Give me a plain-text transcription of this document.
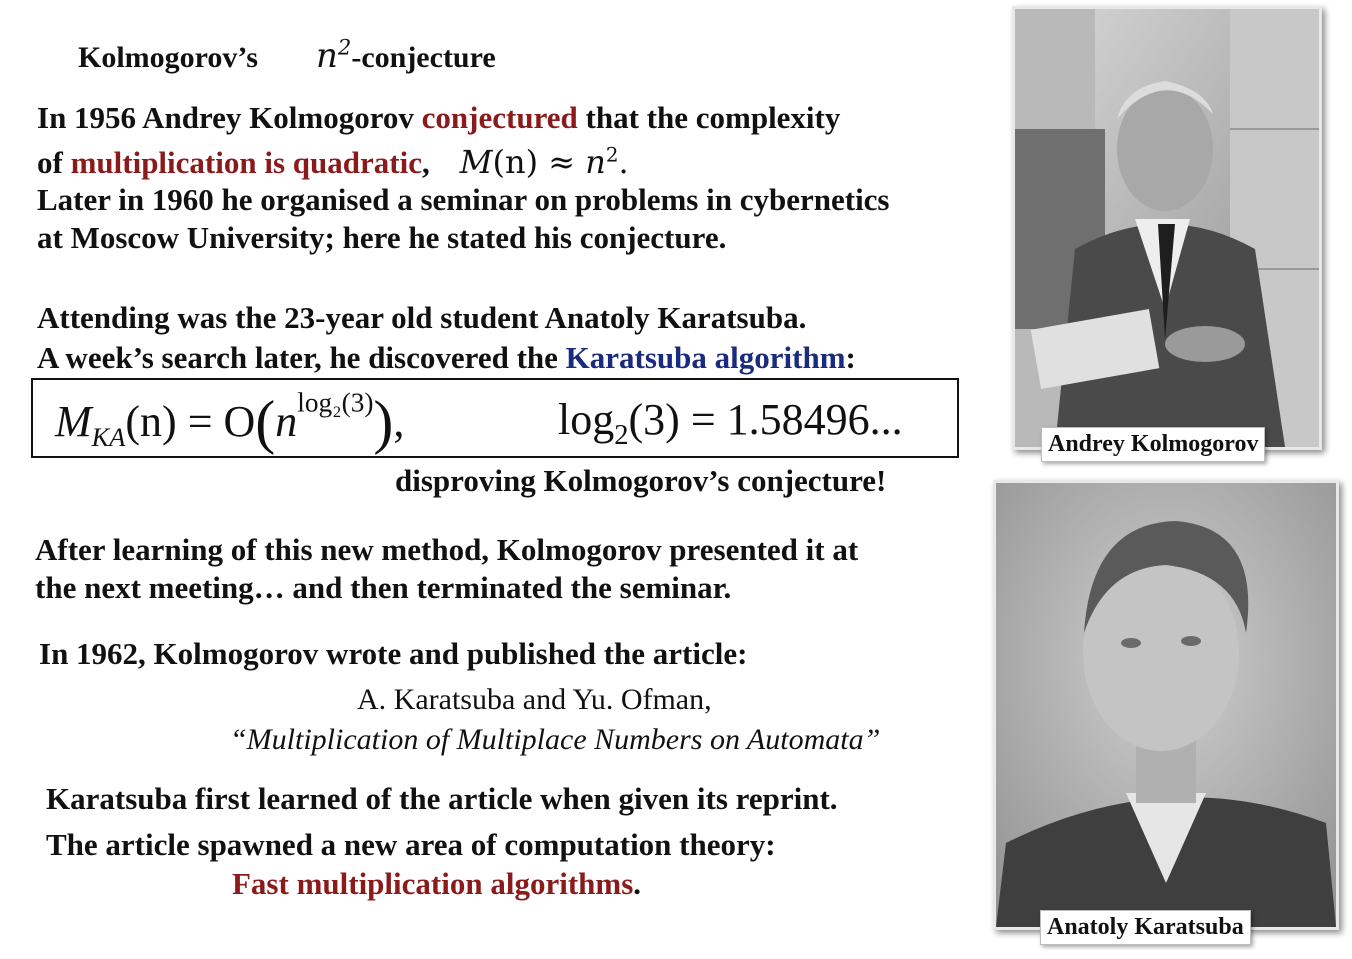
Kolmogorov’s $n^2$-conjecture
In 1956 Andrey Kolmogorov conjectured that the complexity
of multiplication is quadratic, $M(n) \approx n^2$.
Later in 1960 he organised a seminar on problems in cybernetics
at Moscow University; here he stated his conjecture.
Attending was the 23-year old student Anatoly Karatsuba.
A week’s search later, he discovered the Karatsuba algorithm:
$M_{KA}(n) = O(n^{log_2(3)})$,	$\log_2(3) = 1.58496$...
disproving Kolmogorov’s conjecture!
After learning of this new method, Kolmogorov presented it at
the next meeting… and then terminated the seminar.
In 1962, Kolmogorov wrote and published the article:
A. Karatsuba and Yu. Ofman,
“Multiplication of Multiplace Numbers on Automata”
Karatsuba first learned of the article when given its reprint.
The article spawned a new area of computation theory:
Fast multiplication algorithms.
Andrey Kolmogorov
Anatoly Karatsuba
